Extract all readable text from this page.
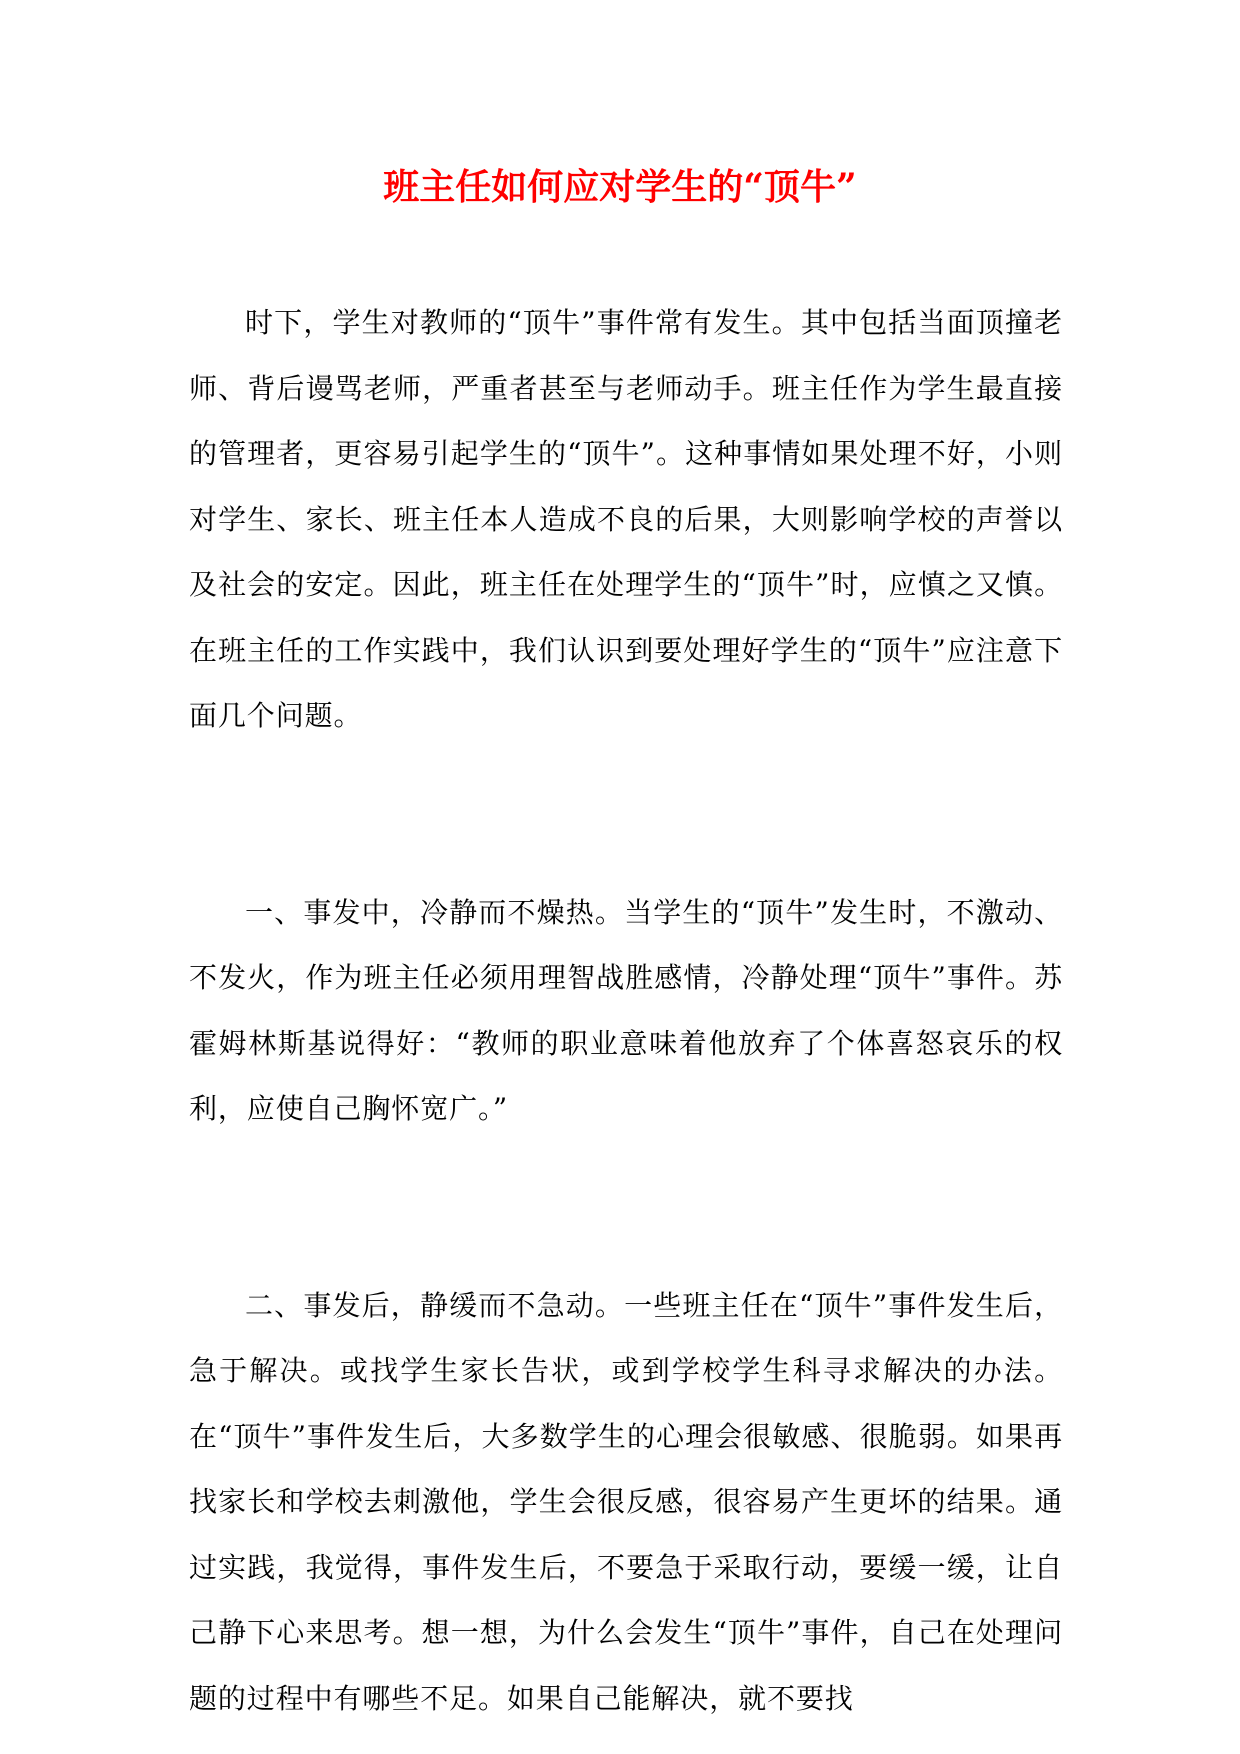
班主任如何应对学生的“顶牛”

时下，学生对教师的“顶牛”事件常有发生。其中包括当面顶撞老师、背后谩骂老师，严重者甚至与老师动手。班主任作为学生最直接的管理者，更容易引起学生的“顶牛”。这种事情如果处理不好，小则对学生、家长、班主任本人造成不良的后果，大则影响学校的声誉以及社会的安定。因此，班主任在处理学生的“顶牛”时，应慎之又慎。在班主任的工作实践中，我们认识到要处理好学生的“顶牛”应注意下面几个问题。

一、事发中，冷静而不燥热。当学生的“顶牛”发生时，不激动、不发火，作为班主任必须用理智战胜感情，冷静处理“顶牛”事件。苏霍姆林斯基说得好：“教师的职业意味着他放弃了个体喜怒哀乐的权利，应使自己胸怀宽广。”

二、事发后，静缓而不急动。一些班主任在“顶牛”事件发生后，急于解决。或找学生家长告状，或到学校学生科寻求解决的办法。在“顶牛”事件发生后，大多数学生的心理会很敏感、很脆弱。如果再找家长和学校去刺激他，学生会很反感，很容易产生更坏的结果。通过实践，我觉得，事件发生后，不要急于采取行动，要缓一缓，让自己静下心来思考。想一想，为什么会发生“顶牛”事件，自己在处理问题的过程中有哪些不足。如果自己能解决，就不要找
